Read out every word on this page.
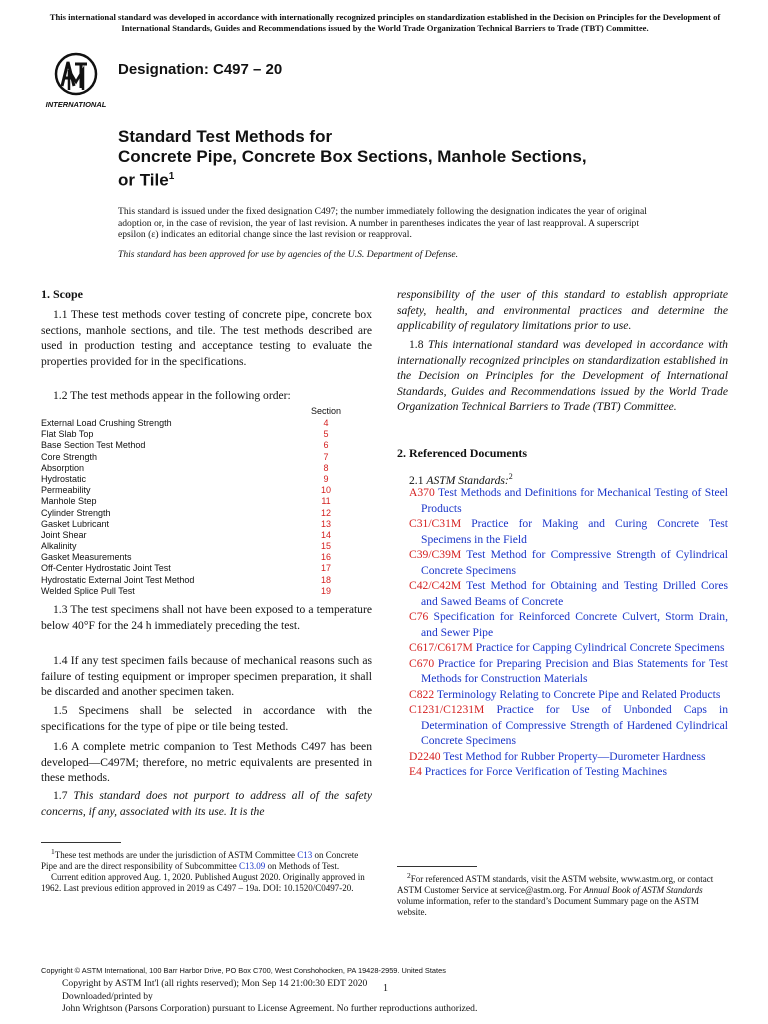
This international standard was developed in accordance with internationally recognized principles on standardization established in the Decision on Principles for the Development of International Standards, Guides and Recommendations issued by the World Trade Organization Technical Barriers to Trade (TBT) Committee.
INTERNATIONAL
Designation: C497 – 20
Standard Test Methods for
Concrete Pipe, Concrete Box Sections, Manhole Sections,
or Tile$^1$
This standard is issued under the fixed designation C497; the number immediately following the designation indicates the year of original adoption or, in the case of revision, the year of last revision. A number in parentheses indicates the year of last reapproval. A superscript epsilon (ε) indicates an editorial change since the last revision or reapproval.
This standard has been approved for use by agencies of the U.S. Department of Defense.
1. Scope
1.1 These test methods cover testing of concrete pipe, concrete box sections, manhole sections, and tile. The test methods described are used in production testing and acceptance testing to evaluate the properties provided for in the specifications.
1.2 The test methods appear in the following order:
Section
External Load Crushing Strength	4
Flat Slab Top	5
Base Section Test Method	6
Core Strength	7
Absorption	8
Hydrostatic	9
Permeability	10
Manhole Step	11
Cylinder Strength	12
Gasket Lubricant	13
Joint Shear	14
Alkalinity	15
Gasket Measurements	16
Off-Center Hydrostatic Joint Test	17
Hydrostatic External Joint Test Method	18
Welded Splice Pull Test	19
1.3 The test specimens shall not have been exposed to a temperature below 40°F for the 24 h immediately preceding the test.
1.4 If any test specimen fails because of mechanical reasons such as failure of testing equipment or improper specimen preparation, it shall be discarded and another specimen taken.
1.5 Specimens shall be selected in accordance with the specifications for the type of pipe or tile being tested.
1.6 A complete metric companion to Test Methods C497 has been developed—C497M; therefore, no metric equivalents are presented in these methods.
1.7 This standard does not purport to address all of the safety concerns, if any, associated with its use. It is the
$^1$These test methods are under the jurisdiction of ASTM Committee C13 on Concrete Pipe and are the direct responsibility of Subcommittee C13.09 on Methods of Test.
Current edition approved Aug. 1, 2020. Published August 2020. Originally approved in 1962. Last previous edition approved in 2019 as C497 – 19a. DOI: 10.1520/C0497-20.
responsibility of the user of this standard to establish appropriate safety, health, and environmental practices and determine the applicability of regulatory limitations prior to use.
1.8 This international standard was developed in accordance with internationally recognized principles on standardization established in the Decision on Principles for the Development of International Standards, Guides and Recommendations issued by the World Trade Organization Technical Barriers to Trade (TBT) Committee.
2. Referenced Documents
2.1 ASTM Standards:$^2$
A370 Test Methods and Definitions for Mechanical Testing of Steel Products
C31/C31M Practice for Making and Curing Concrete Test Specimens in the Field
C39/C39M Test Method for Compressive Strength of Cylindrical Concrete Specimens
C42/C42M Test Method for Obtaining and Testing Drilled Cores and Sawed Beams of Concrete
C76 Specification for Reinforced Concrete Culvert, Storm Drain, and Sewer Pipe
C617/C617M Practice for Capping Cylindrical Concrete Specimens
C670 Practice for Preparing Precision and Bias Statements for Test Methods for Construction Materials
C822 Terminology Relating to Concrete Pipe and Related Products
C1231/C1231M Practice for Use of Unbonded Caps in Determination of Compressive Strength of Hardened Cylindrical Concrete Specimens
D2240 Test Method for Rubber Property—Durometer Hardness
E4 Practices for Force Verification of Testing Machines
$^2$For referenced ASTM standards, visit the ASTM website, www.astm.org, or contact ASTM Customer Service at service@astm.org. For Annual Book of ASTM Standards volume information, refer to the standard’s Document Summary page on the ASTM website.
Copyright © ASTM International, 100 Barr Harbor Drive, PO Box C700, West Conshohocken, PA 19428-2959. United States
Copyright by ASTM Int'l (all rights reserved); Mon Sep 14 21:00:30 EDT 2020
Downloaded/printed by
John Wrightson (Parsons Corporation) pursuant to License Agreement. No further reproductions authorized.
1
